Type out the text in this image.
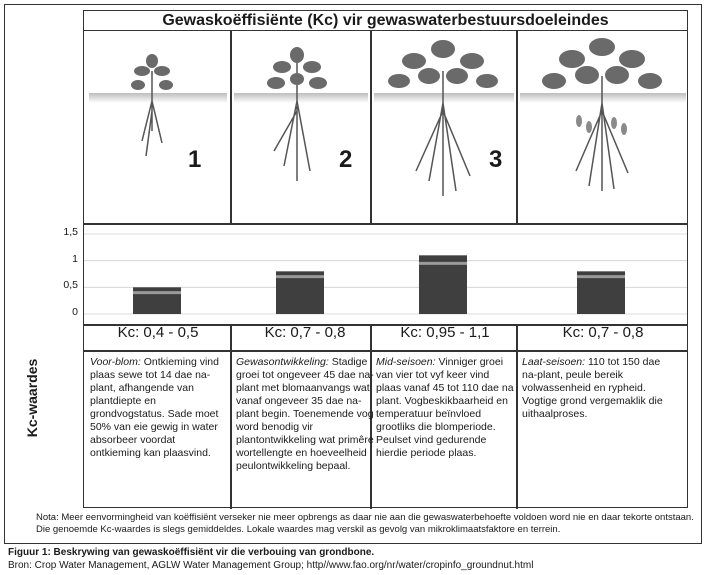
Gewaskoëffisiënte (Kc) vir gewaswaterbestuursdoeleindes
1	2	3
Kc: 0,4 - 0,5	Kc: 0,7 - 0,8	Kc: 0,95 - 1,1	Kc: 0,7 - 0,8
Voor-blom: Ontkieming vind plaas sewe tot 14 dae na-plant, afhangende van plantdiepte en grondvogstatus. Sade moet 50% van eie gewig in water absorbeer voordat ontkieming kan plaasvind.
Gewasontwikkeling: Stadige groei tot ongeveer 45 dae na-plant met blomaanvangs wat vanaf ongeveer 35 dae na-plant begin. Toenemende vog word benodig vir plantontwikkeling wat primêre wortellengte en hoeveelheid peulontwikkeling bepaal.
Mid-seisoen: Vinniger groei van vier tot vyf keer vind plaas vanaf 45 tot 110 dae na plant. Vogbeskikbaarheid en temperatuur beïnvloed grootliks die blomperiode. Peulset vind gedurende hierdie periode plaas.
Laat-seisoen: 110 tot 150 dae na-plant, peule bereik volwassenheid en rypheid. Vogtige grond vergemaklik die uithaalproses.
1,5
1
0,5
0
Kc-waardes
Nota: Meer eenvormingheid van koëffisiënt verseker nie meer opbrengs as daar nie aan die gewaswaterbehoefte voldoen word nie en daar tekorte ontstaan. Die genoemde Kc-waardes is slegs gemiddeldes. Lokale waardes mag verskil as gevolg van mikroklimaatsfaktore en terrein.
Figuur 1: Beskrywing van gewaskoëffisiënt vir die verbouing van grondbone.
Bron: Crop Water Management, AGLW Water Management Group; http//www.fao.org/nr/water/cropinfo_groundnut.html
